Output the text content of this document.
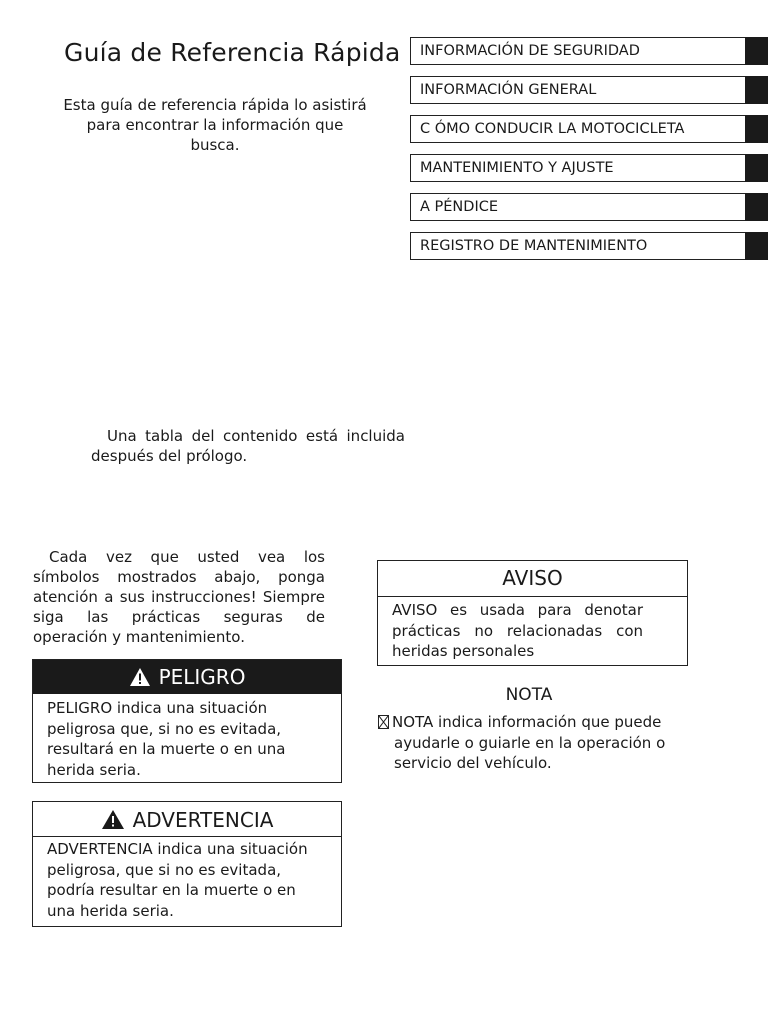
Guía de Referencia Rápida
Esta guía de referencia rápida lo asistirá para encontrar la información que busca.
INFORMACIÓN DE SEGURIDAD
INFORMACIÓN GENERAL
C ÓMO CONDUCIR LA MOTOCICLETA
MANTENIMIENTO Y AJUSTE
A PÉNDICE
REGISTRO DE MANTENIMIENTO
Una tabla del contenido está incluida después del prólogo.
Cada vez que usted vea los símbolos mostrados abajo, ponga atención a sus instrucciones! Siempre siga las prácticas seguras de operación y mantenimiento.
PELIGRO
PELIGRO indica una situación peligrosa que, si no es evitada, resultará en la muerte o en una herida seria.
ADVERTENCIA
ADVERTENCIA indica una situación peligrosa, que si no es evitada, podría resultar en la muerte o en una herida seria.
AVISO
AVISO es usada para denotar prácticas no relacionadas con heridas personales
NOTA
NOTA indica información que puede ayudarle o guiarle en la operación o servicio del vehículo.
